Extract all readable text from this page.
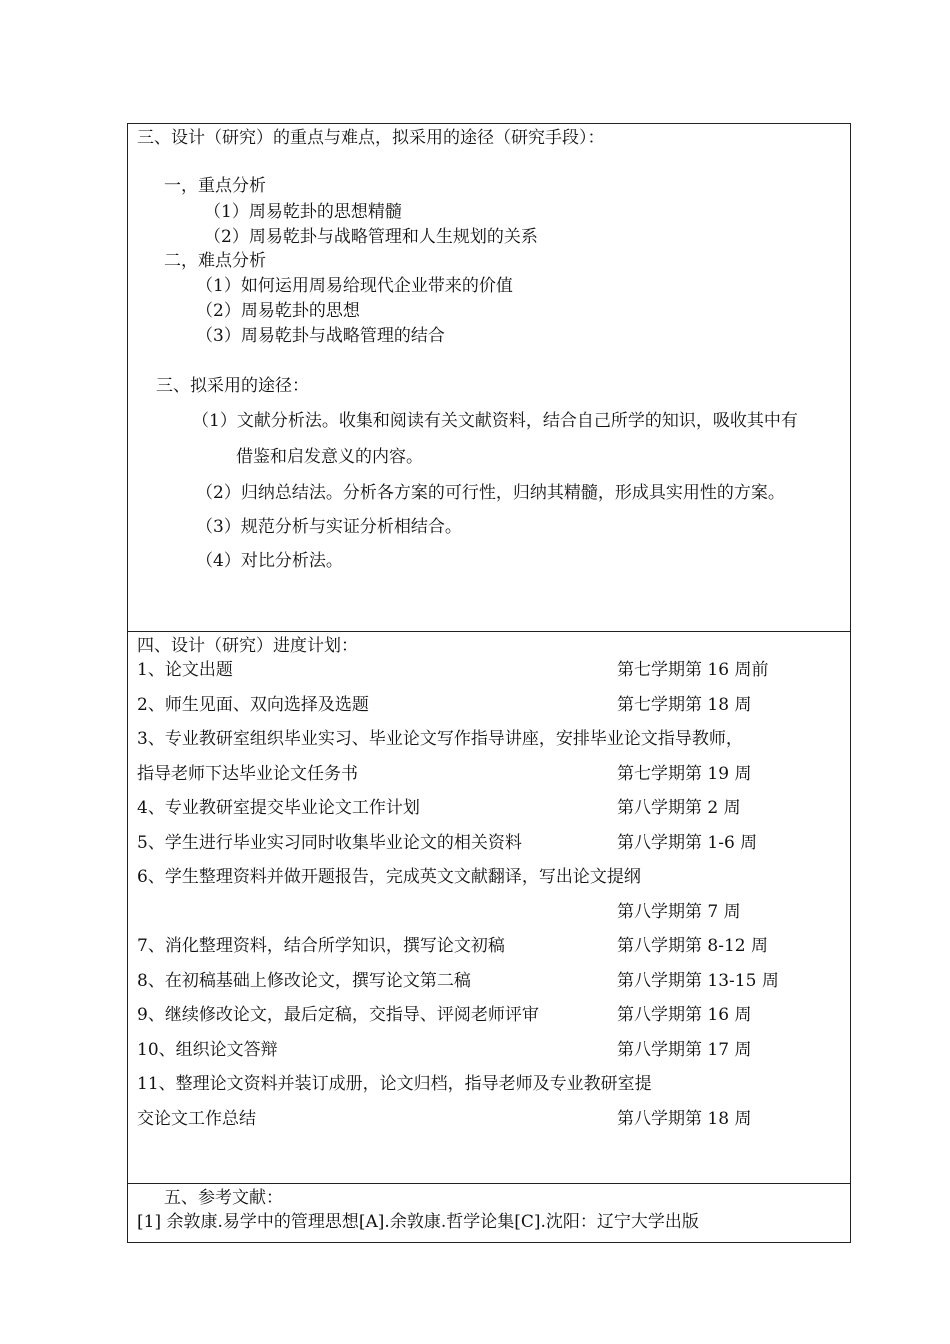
三、设计（研究）的重点与难点，拟采用的途径（研究手段）：
一，重点分析
（1）周易乾卦的思想精髓
（2）周易乾卦与战略管理和人生规划的关系
二，难点分析
（1）如何运用周易给现代企业带来的价值
（2）周易乾卦的思想
（3）周易乾卦与战略管理的结合
三、拟采用的途径：
（1）文献分析法。收集和阅读有关文献资料，结合自己所学的知识，吸收其中有
借鉴和启发意义的内容。
（2）归纳总结法。分析各方案的可行性，归纳其精髓，形成具实用性的方案。
（3）规范分析与实证分析相结合。
（4）对比分析法。
四、设计（研究）进度计划：
1、论文出题	第七学期第 16 周前
2、师生见面、双向选择及选题	第七学期第 18 周
3、专业教研室组织毕业实习、毕业论文写作指导讲座，安排毕业论文指导教师，
指导老师下达毕业论文任务书	第七学期第 19 周
4、专业教研室提交毕业论文工作计划	第八学期第 2 周
5、学生进行毕业实习同时收集毕业论文的相关资料	第八学期第 1-6 周
6、学生整理资料并做开题报告，完成英文文献翻译，写出论文提纲
第八学期第 7 周
7、消化整理资料，结合所学知识，撰写论文初稿	第八学期第 8-12 周
8、在初稿基础上修改论文，撰写论文第二稿	第八学期第 13-15 周
9、继续修改论文，最后定稿，交指导、评阅老师评审	第八学期第 16 周
10、组织论文答辩	第八学期第 17 周
11、整理论文资料并装订成册，论文归档，指导老师及专业教研室提
交论文工作总结	第八学期第 18 周
五、参考文献：
[1] 余敦康.易学中的管理思想[A].余敦康.哲学论集[C].沈阳：辽宁大学出版
